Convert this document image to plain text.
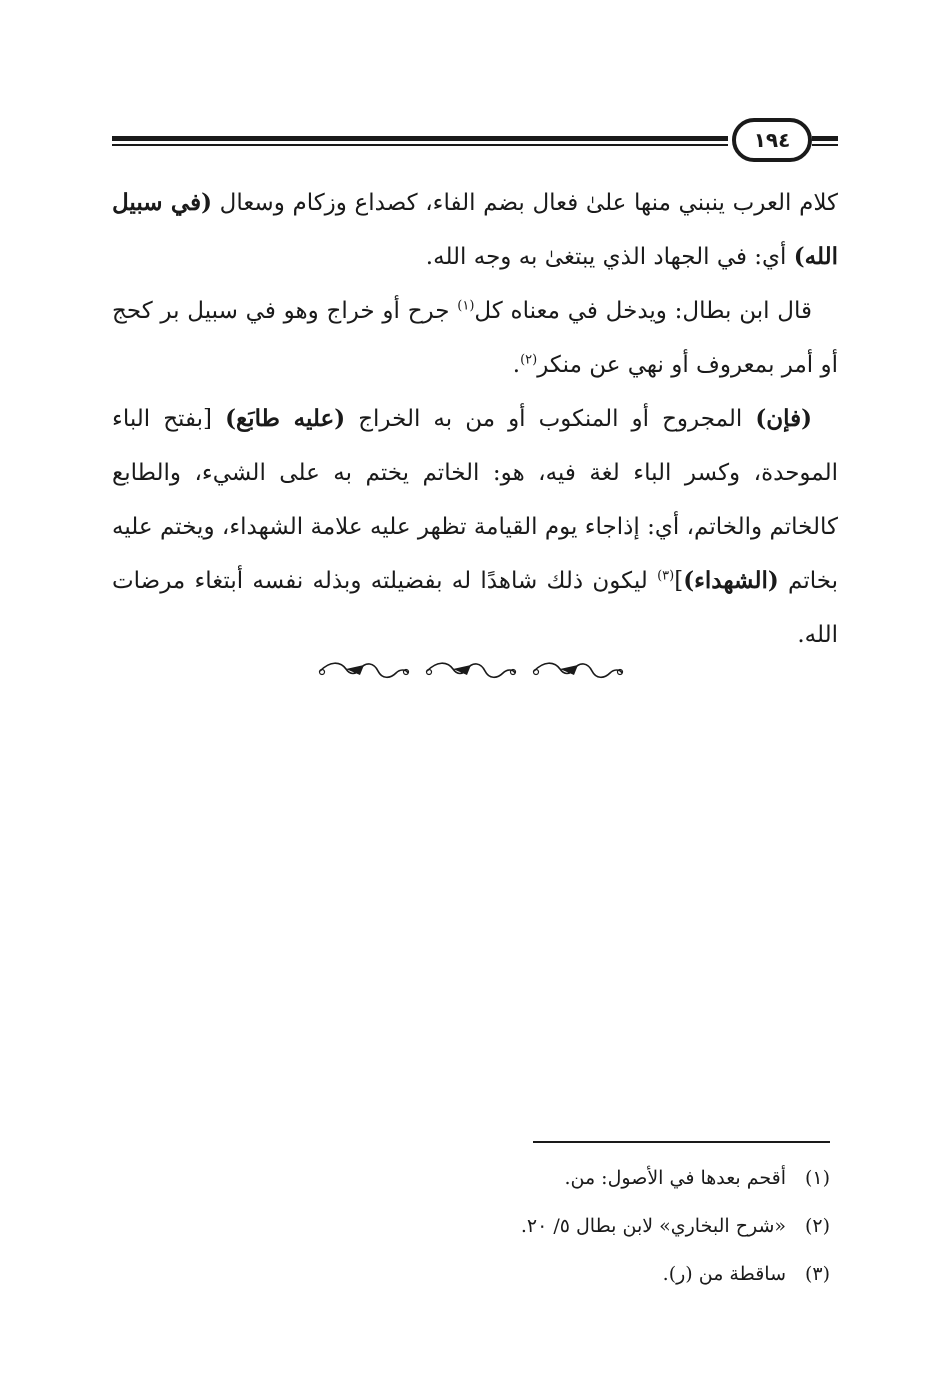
١٩٤

كلام العرب ينبني منها علىٰ فعال بضم الفاء، كصداع وزكام وسعال (في سبيل الله) أي: في الجهاد الذي يبتغىٰ به وجه الله.

قال ابن بطال: ويدخل في معناه كل$^{(١)}$ جرح أو خراج وهو في سبيل بر كحج أو أمر بمعروف أو نهي عن منكر$^{(٢)}$.

(فإن) المجروح أو المنكوب أو من به الخراج (عليه طابَع) [بفتح الباء الموحدة، وكسر الباء لغة فيه، هو: الخاتم يختم به على الشيء، والطابع كالخاتم والخاتم، أي: إذاجاء يوم القيامة تظهر عليه علامة الشهداء، ويختم عليه بخاتم (الشهداء)]$^{(٣)}$ ليكون ذلك شاهدًا له بفضيلته وبذله نفسه أبتغاء مرضات الله.

(١)أقحم بعدها في الأصول: من.
(٢)«شرح البخاري» لابن بطال ٥/ ٢٠.
(٣)ساقطة من (ر).
